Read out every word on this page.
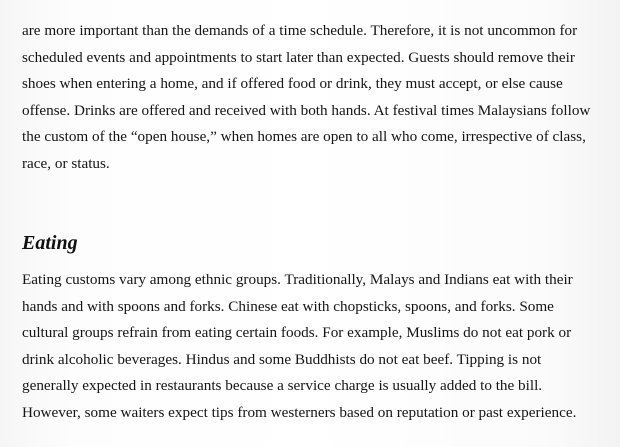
are more important than the demands of a time schedule. Therefore, it is not uncommon for
scheduled events and appointments to start later than expected. Guests should remove their
shoes when entering a home, and if offered food or drink, they must accept, or else cause
offense. Drinks are offered and received with both hands. At festival times Malaysians follow
the custom of the “open house,” when homes are open to all who come, irrespective of class,
race, or status.

Eating

Eating customs vary among ethnic groups. Traditionally, Malays and Indians eat with their
hands and with spoons and forks. Chinese eat with chopsticks, spoons, and forks. Some
cultural groups refrain from eating certain foods. For example, Muslims do not eat pork or
drink alcoholic beverages. Hindus and some Buddhists do not eat beef. Tipping is not
generally expected in restaurants because a service charge is usually added to the bill.
However, some waiters expect tips from westerners based on reputation or past experience.
